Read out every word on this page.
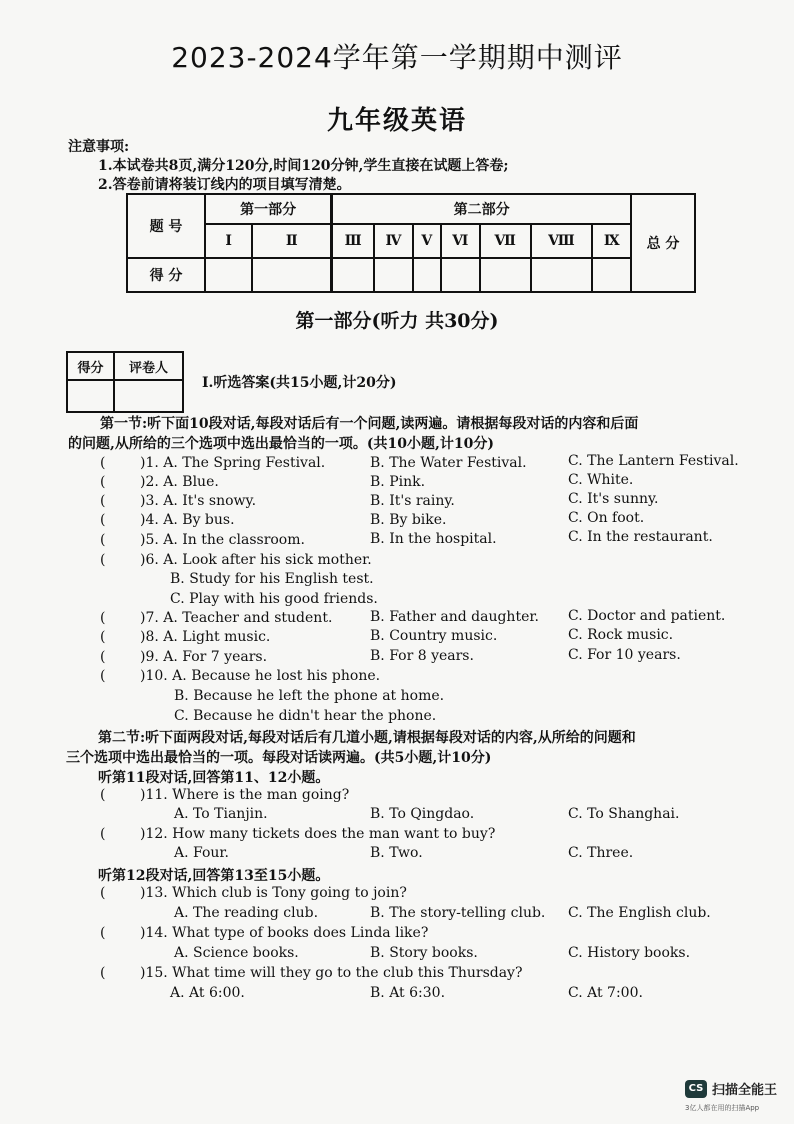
2023-2024学年第一学期期中测评
九年级英语
注意事项:
1.本试卷共8页,满分120分,时间120分钟,学生直接在试题上答卷;
2.答卷前请将装订线内的项目填写清楚。
题 号	第一部分		第二部分							总 分
	Ⅰ	Ⅱ	Ⅲ	Ⅳ	Ⅴ	Ⅵ	Ⅶ	Ⅷ	Ⅸ	
得 分										
第一部分(听力 共30分)
得分	评卷人

Ⅰ.听选答案(共15小题,计20分)
第一节:听下面10段对话,每段对话后有一个问题,读两遍。请根据每段对话的内容和后面
的问题,从所给的三个选项中选出最恰当的一项。(共10小题,计10分)
( )1. A. The Spring Festival.	B. The Water Festival.	C. The Lantern Festival.
( )2. A. Blue.	B. Pink.	C. White.
( )3. A. It's snowy.	B. It's rainy.	C. It's sunny.
( )4. A. By bus.	B. By bike.	C. On foot.
( )5. A. In the classroom.	B. In the hospital.	C. In the restaurant.
( )6. A. Look after his sick mother.
B. Study for his English test.
C. Play with his good friends.
( )7. A. Teacher and student.	B. Father and daughter. C. Doctor and patient.
( )8. A. Light music.	B. Country music.	C. Rock music.
( )9. A. For 7 years.	B. For 8 years.	C. For 10 years.
( )10. A. Because he lost his phone.
B. Because he left the phone at home.
C. Because he didn't hear the phone.
第二节:听下面两段对话,每段对话后有几道小题,请根据每段对话的内容,从所给的问题和
三个选项中选出最恰当的一项。每段对话读两遍。(共5小题,计10分)
听第11段对话,回答第11、12小题。
( )11. Where is the man going?
A. To Tianjin.	B. To Qingdao.	C. To Shanghai.
( )12. How many tickets does the man want to buy?
A. Four.	B. Two.	C. Three.
听第12段对话,回答第13至15小题。
( )13. Which club is Tony going to join?
A. The reading club.	B. The story-telling club. C. The English club.
( )14. What type of books does Linda like?
A. Science books.	B. Story books.	C. History books.
( )15. What time will they go to the club this Thursday?
A. At 6:00.	B. At 6:30.	C. At 7:00.
CS 扫描全能王
3亿人都在用的扫描App
